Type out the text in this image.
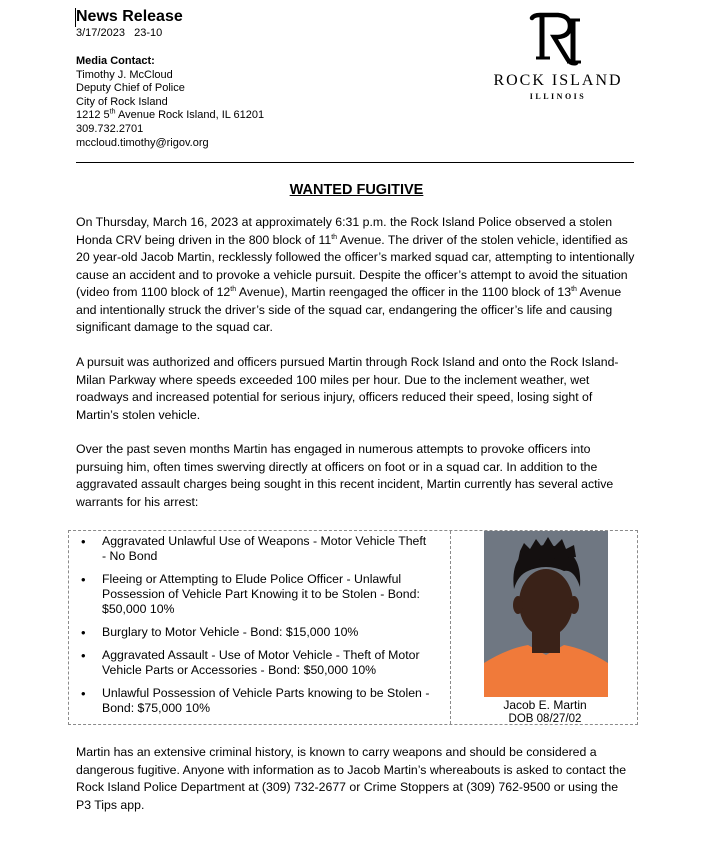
News Release
3/17/2023 23-10
Media Contact:
Timothy J. McCloud
Deputy Chief of Police
City of Rock Island
1212 5th Avenue Rock Island, IL 61201
309.732.2701
mccloud.timothy@rigov.org
ROCK ISLAND
ILLINOIS
WANTED FUGITIVE

On Thursday, March 16, 2023 at approximately 6:31 p.m. the Rock Island Police observed a stolen Honda CRV being driven in the 800 block of 11th Avenue. The driver of the stolen vehicle, identified as 20 year-old Jacob Martin, recklessly followed the officer’s marked squad car, attempting to intentionally cause an accident and to provoke a vehicle pursuit. Despite the officer’s attempt to avoid the situation (video from 1100 block of 12th Avenue), Martin reengaged the officer in the 1100 block of 13th Avenue and intentionally struck the driver’s side of the squad car, endangering the officer’s life and causing significant damage to the squad car.

A pursuit was authorized and officers pursued Martin through Rock Island and onto the Rock Island-Milan Parkway where speeds exceeded 100 miles per hour. Due to the inclement weather, wet roadways and increased potential for serious injury, officers reduced their speed, losing sight of Martin’s stolen vehicle.

Over the past seven months Martin has engaged in numerous attempts to provoke officers into pursuing him, often times swerving directly at officers on foot or in a squad car. In addition to the aggravated assault charges being sought in this recent incident, Martin currently has several active warrants for his arrest:

• Aggravated Unlawful Use of Weapons - Motor Vehicle Theft - No Bond
• Fleeing or Attempting to Elude Police Officer - Unlawful Possession of Vehicle Part Knowing it to be Stolen - Bond: $50,000 10%
• Burglary to Motor Vehicle - Bond: $15,000 10%
• Aggravated Assault - Use of Motor Vehicle - Theft of Motor Vehicle Parts or Accessories - Bond: $50,000 10%
• Unlawful Possession of Vehicle Parts knowing to be Stolen - Bond: $75,000 10%	Jacob E. Martin
DOB 08/27/02

Martin has an extensive criminal history, is known to carry weapons and should be considered a dangerous fugitive. Anyone with information as to Jacob Martin’s whereabouts is asked to contact the Rock Island Police Department at (309) 732-2677 or Crime Stoppers at (309) 762-9500 or using the P3 Tips app.
